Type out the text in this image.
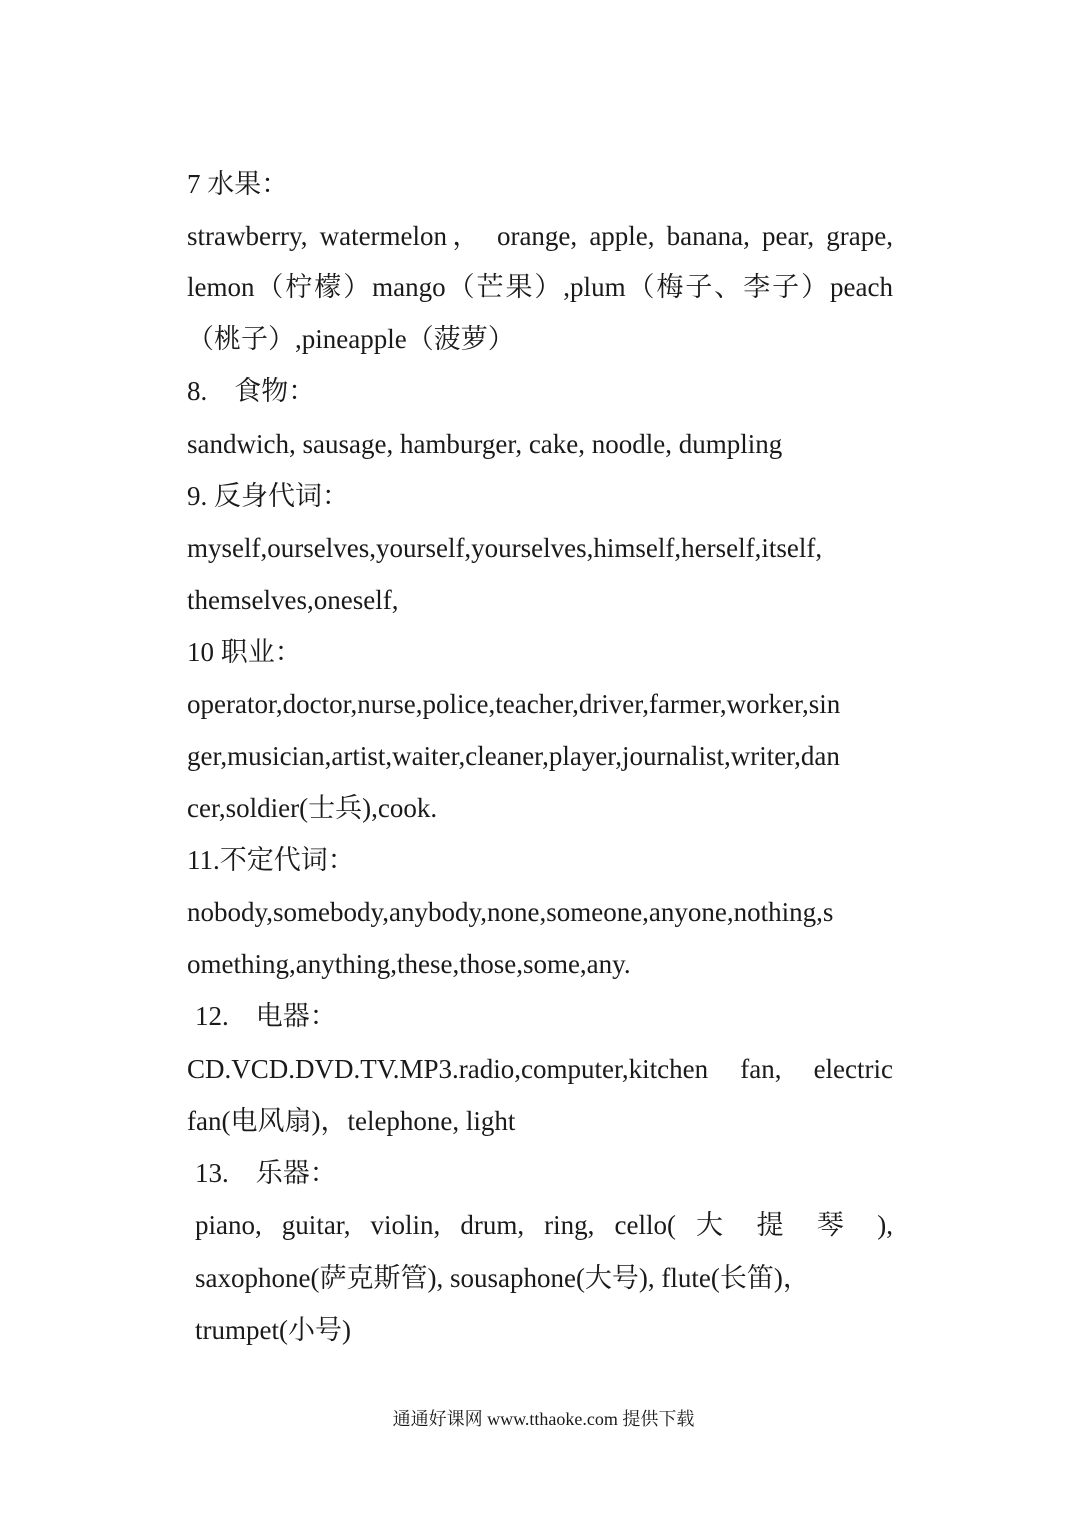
7 水果：
strawberry, watermelon， orange, apple, banana, pear, grape,
lemon（柠檬）mango（芒果）,plum（梅子、李子）peach
（桃子）,pineapple（菠萝）
8.　食物：
sandwich, sausage, hamburger, cake, noodle, dumpling
9. 反身代词：
myself,ourselves,yourself,yourselves,himself,herself,itself,
themselves,oneself,
10 职业：
operator,doctor,nurse,police,teacher,driver,farmer,worker,sin
ger,musician,artist,waiter,cleaner,player,journalist,writer,dan
cer,soldier(士兵),cook.
11.不定代词：
nobody,somebody,anybody,none,someone,anyone,nothing,s
omething,anything,these,those,some,any.
12.　电器：
CD.VCD.DVD.TV.MP3.radio,computer,kitchen fan, electric
fan(电风扇)，telephone, light
13.　乐器：
piano, guitar, violin, drum, ring, cello( 大 提 琴 ),
saxophone(萨克斯管), sousaphone(大号), flute(长笛)，
trumpet(小号)
通通好课网 www.tthaoke.com 提供下载
